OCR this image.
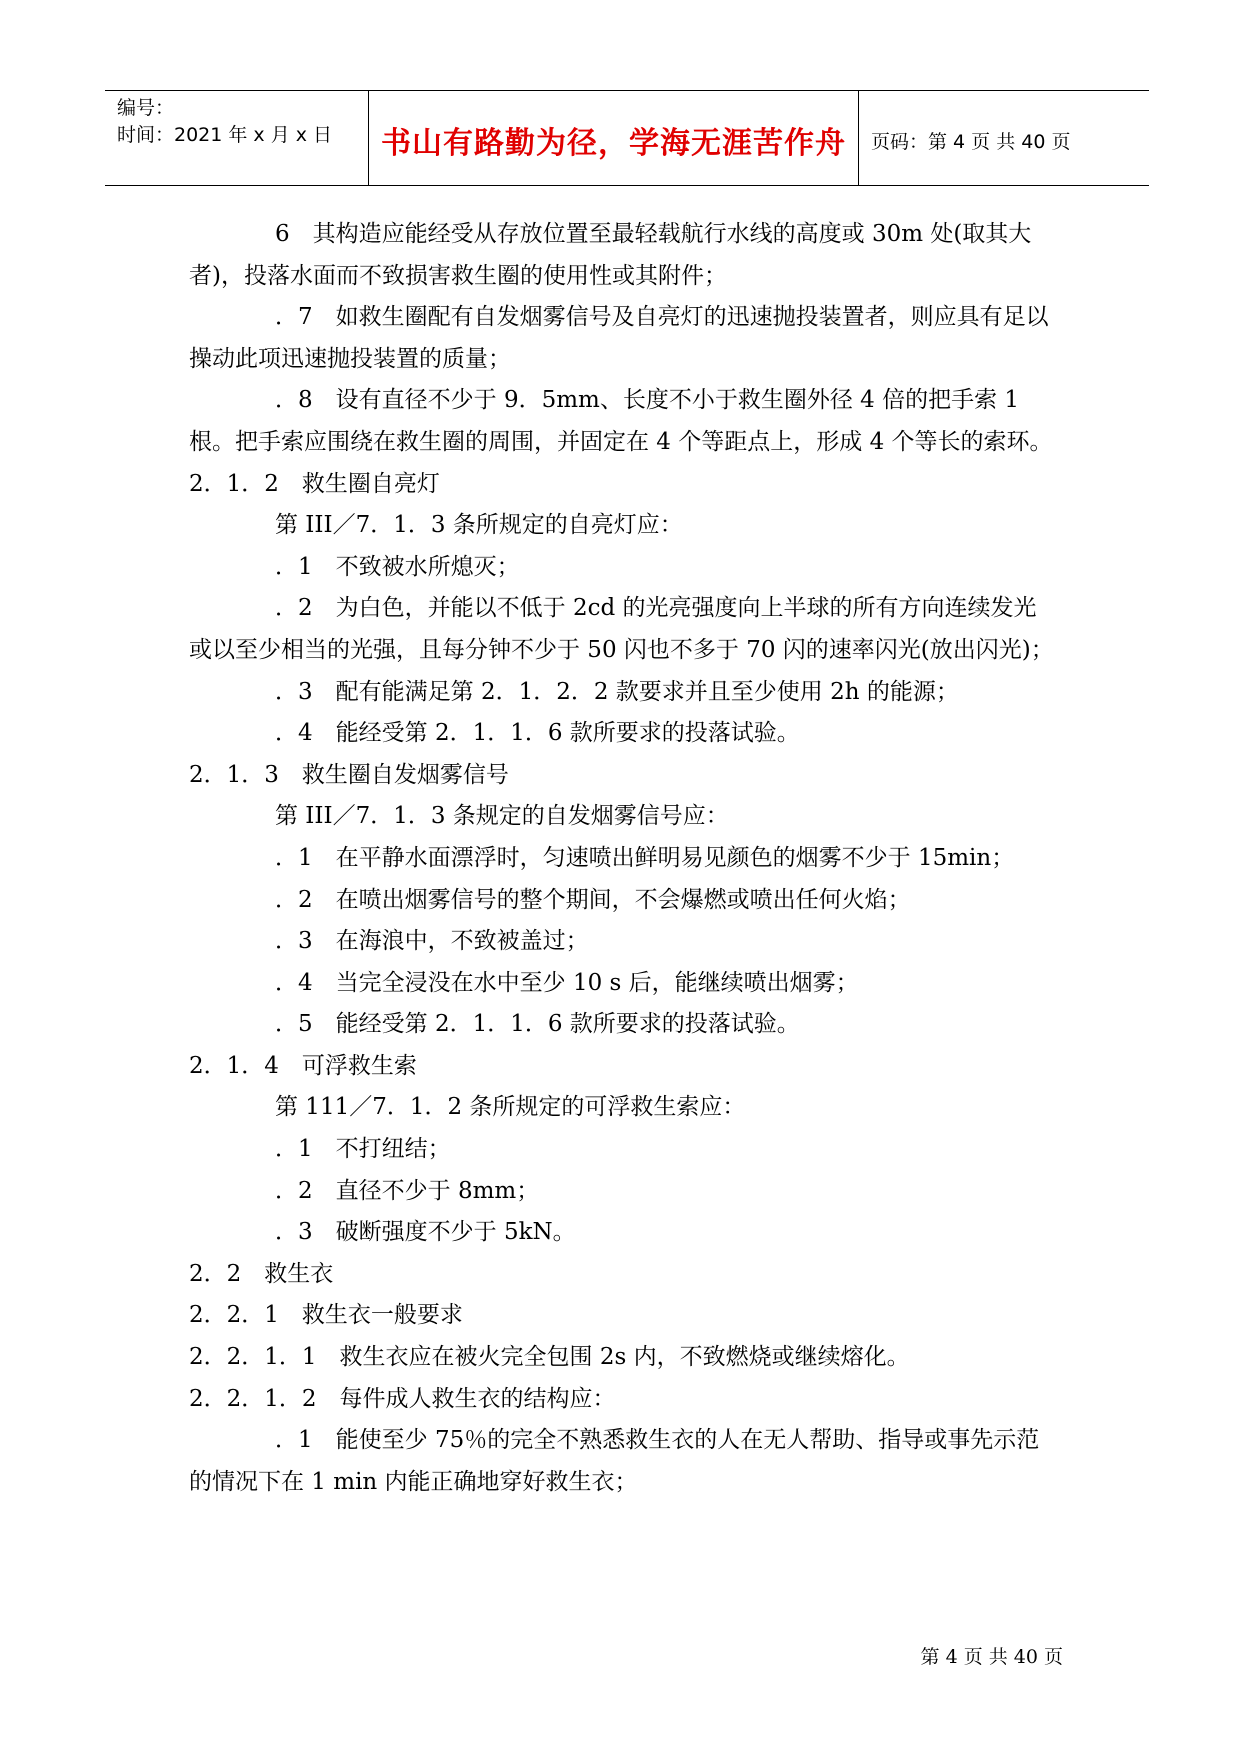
编号：
时间：2021 年 x 月 x 日	书山有路勤为径，学海无涯苦作舟	页码：第 4 页 共 40 页

6　其构造应能经受从存放位置至最轻载航行水线的高度或 30m 处(取其大者)，投落水面而不致损害救生圈的使用性或其附件；

．7　如救生圈配有自发烟雾信号及自亮灯的迅速抛投装置者，则应具有足以操动此项迅速抛投装置的质量；

．8　设有直径不少于 9．5mm、长度不小于救生圈外径 4 倍的把手索 1 根。把手索应围绕在救生圈的周围，并固定在 4 个等距点上，形成 4 个等长的索环。

2．1．2　救生圈自亮灯

第 III／7．1．3 条所规定的自亮灯应：

．1　不致被水所熄灭；

．2　为白色，并能以不低于 2cd 的光亮强度向上半球的所有方向连续发光或以至少相当的光强，且每分钟不少于 50 闪也不多于 70 闪的速率闪光(放出闪光)；

．3　配有能满足第 2．1．2．2 款要求并且至少使用 2h 的能源；

．4　能经受第 2．1．1．6 款所要求的投落试验。

2．1．3　救生圈自发烟雾信号

第 III／7．1．3 条规定的自发烟雾信号应：

．1　在平静水面漂浮时，匀速喷出鲜明易见颜色的烟雾不少于 15min；

．2　在喷出烟雾信号的整个期间，不会爆燃或喷出任何火焰；

．3　在海浪中，不致被盖过；

．4　当完全浸没在水中至少 10 s 后，能继续喷出烟雾；

．5　能经受第 2．1．1．6 款所要求的投落试验。

2．1．4　可浮救生索

第 111／7．1．2 条所规定的可浮救生索应：

．1　不打纽结；

．2　直径不少于 8mm；

．3　破断强度不少于 5kN。

2．2　救生衣

2．2．1　救生衣一般要求

2．2．1．1　救生衣应在被火完全包围 2s 内，不致燃烧或继续熔化。

2．2．1．2　每件成人救生衣的结构应：

．1　能使至少 75％的完全不熟悉救生衣的人在无人帮助、指导或事先示范的情况下在 1 min 内能正确地穿好救生衣；

第 4 页 共 40 页
